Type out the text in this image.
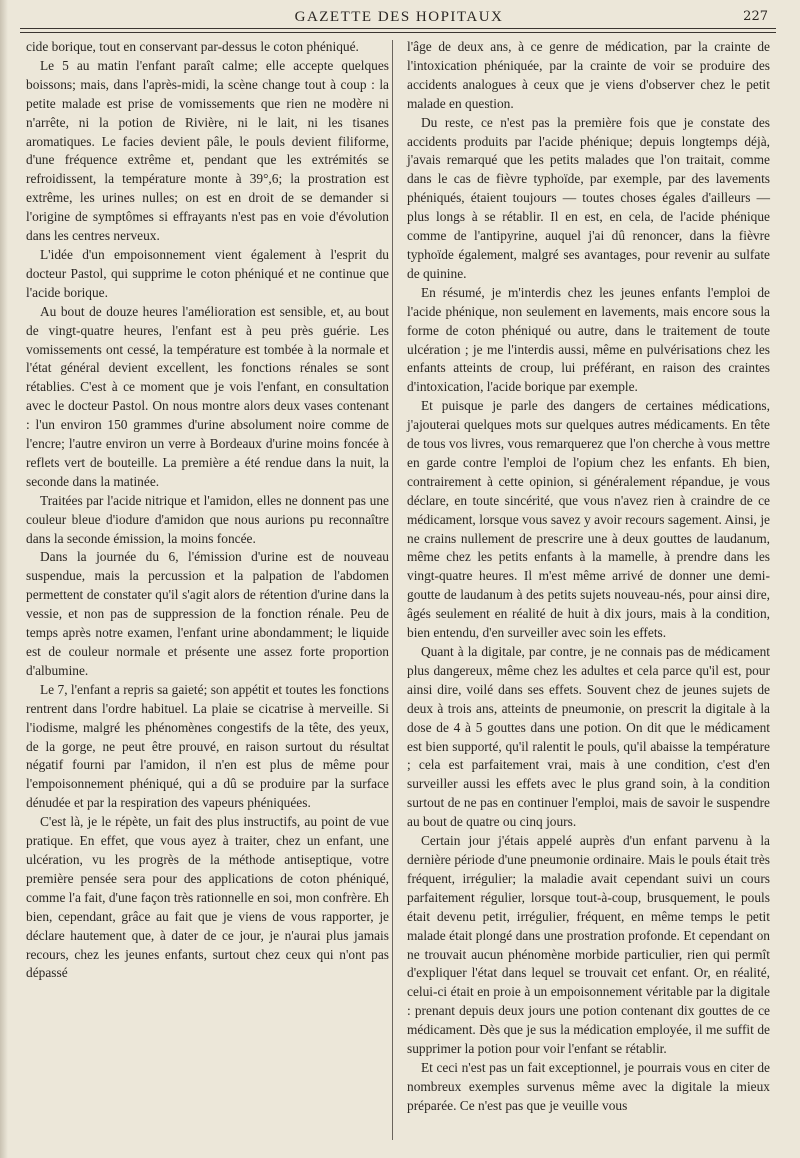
GAZETTE DES HOPITAUX	227

cide borique, tout en conservant par-dessus le coton phéniqué.

Le 5 au matin l'enfant paraît calme; elle accepte quelques boissons; mais, dans l'après-midi, la scène change tout à coup : la petite malade est prise de vomissements que rien ne modère ni n'arrête, ni la potion de Rivière, ni le lait, ni les tisanes aromatiques. Le facies devient pâle, le pouls devient filiforme, d'une fréquence extrême et, pendant que les extrémités se refroidissent, la température monte à 39°,6; la prostration est extrême, les urines nulles; on est en droit de se demander si l'origine de symptômes si effrayants n'est pas en voie d'évolution dans les centres nerveux.

L'idée d'un empoisonnement vient également à l'esprit du docteur Pastol, qui supprime le coton phéniqué et ne continue que l'acide borique.

Au bout de douze heures l'amélioration est sensible, et, au bout de vingt-quatre heures, l'enfant est à peu près guérie. Les vomissements ont cessé, la température est tombée à la normale et l'état général devient excellent, les fonctions rénales se sont rétablies. C'est à ce moment que je vois l'enfant, en consultation avec le docteur Pastol. On nous montre alors deux vases contenant : l'un environ 150 grammes d'urine absolument noire comme de l'encre; l'autre environ un verre à Bordeaux d'urine moins foncée à reflets vert de bouteille. La première a été rendue dans la nuit, la seconde dans la matinée.

Traitées par l'acide nitrique et l'amidon, elles ne donnent pas une couleur bleue d'iodure d'amidon que nous aurions pu reconnaître dans la seconde émission, la moins foncée.

Dans la journée du 6, l'émission d'urine est de nouveau suspendue, mais la percussion et la palpation de l'abdomen permettent de constater qu'il s'agit alors de rétention d'urine dans la vessie, et non pas de suppression de la fonction rénale. Peu de temps après notre examen, l'enfant urine abondamment; le liquide est de couleur normale et présente une assez forte proportion d'albumine.

Le 7, l'enfant a repris sa gaieté; son appétit et toutes les fonctions rentrent dans l'ordre habituel. La plaie se cicatrise à merveille. Si l'iodisme, malgré les phénomènes congestifs de la tête, des yeux, de la gorge, ne peut être prouvé, en raison surtout du résultat négatif fourni par l'amidon, il n'en est plus de même pour l'empoisonnement phéniqué, qui a dû se produire par la surface dénudée et par la respiration des vapeurs phéniquées.

C'est là, je le répète, un fait des plus instructifs, au point de vue pratique. En effet, que vous ayez à traiter, chez un enfant, une ulcération, vu les progrès de la méthode antiseptique, votre première pensée sera pour des applications de coton phéniqué, comme l'a fait, d'une façon très rationnelle en soi, mon confrère. Eh bien, cependant, grâce au fait que je viens de vous rapporter, je déclare hautement que, à dater de ce jour, je n'aurai plus jamais recours, chez les jeunes enfants, surtout chez ceux qui n'ont pas dépassé

l'âge de deux ans, à ce genre de médication, par la crainte de l'intoxication phéniquée, par la crainte de voir se produire des accidents analogues à ceux que je viens d'observer chez le petit malade en question.

Du reste, ce n'est pas la première fois que je constate des accidents produits par l'acide phénique; depuis longtemps déjà, j'avais remarqué que les petits malades que l'on traitait, comme dans le cas de fièvre typhoïde, par exemple, par des lavements phéniqués, étaient toujours — toutes choses égales d'ailleurs — plus longs à se rétablir. Il en est, en cela, de l'acide phénique comme de l'antipyrine, auquel j'ai dû renoncer, dans la fièvre typhoïde également, malgré ses avantages, pour revenir au sulfate de quinine.

En résumé, je m'interdis chez les jeunes enfants l'emploi de l'acide phénique, non seulement en lavements, mais encore sous la forme de coton phéniqué ou autre, dans le traitement de toute ulcération ; je me l'interdis aussi, même en pulvérisations chez les enfants atteints de croup, lui préférant, en raison des craintes d'intoxication, l'acide borique par exemple.

Et puisque je parle des dangers de certaines médications, j'ajouterai quelques mots sur quelques autres médicaments. En tête de tous vos livres, vous remarquerez que l'on cherche à vous mettre en garde contre l'emploi de l'opium chez les enfants. Eh bien, contrairement à cette opinion, si généralement répandue, je vous déclare, en toute sincérité, que vous n'avez rien à craindre de ce médicament, lorsque vous savez y avoir recours sagement. Ainsi, je ne crains nullement de prescrire une à deux gouttes de laudanum, même chez les petits enfants à la mamelle, à prendre dans les vingt-quatre heures. Il m'est même arrivé de donner une demi-goutte de laudanum à des petits sujets nouveau-nés, pour ainsi dire, âgés seulement en réalité de huit à dix jours, mais à la condition, bien entendu, d'en surveiller avec soin les effets.

Quant à la digitale, par contre, je ne connais pas de médicament plus dangereux, même chez les adultes et cela parce qu'il est, pour ainsi dire, voilé dans ses effets. Souvent chez de jeunes sujets de deux à trois ans, atteints de pneumonie, on prescrit la digitale à la dose de 4 à 5 gouttes dans une potion. On dit que le médicament est bien supporté, qu'il ralentit le pouls, qu'il abaisse la température ; cela est parfaitement vrai, mais à une condition, c'est d'en surveiller aussi les effets avec le plus grand soin, à la condition surtout de ne pas en continuer l'emploi, mais de savoir le suspendre au bout de quatre ou cinq jours.

Certain jour j'étais appelé auprès d'un enfant parvenu à la dernière période d'une pneumonie ordinaire. Mais le pouls était très fréquent, irrégulier; la maladie avait cependant suivi un cours parfaitement régulier, lorsque tout-à-coup, brusquement, le pouls était devenu petit, irrégulier, fréquent, en même temps le petit malade était plongé dans une prostration profonde. Et cependant on ne trouvait aucun phénomène morbide particulier, rien qui permît d'expliquer l'état dans lequel se trouvait cet enfant. Or, en réalité, celui-ci était en proie à un empoisonnement véritable par la digitale : prenant depuis deux jours une potion contenant dix gouttes de ce médicament. Dès que je sus la médication employée, il me suffit de supprimer la potion pour voir l'enfant se rétablir.

Et ceci n'est pas un fait exceptionnel, je pourrais vous en citer de nombreux exemples survenus même avec la digitale la mieux préparée. Ce n'est pas que je veuille vous
